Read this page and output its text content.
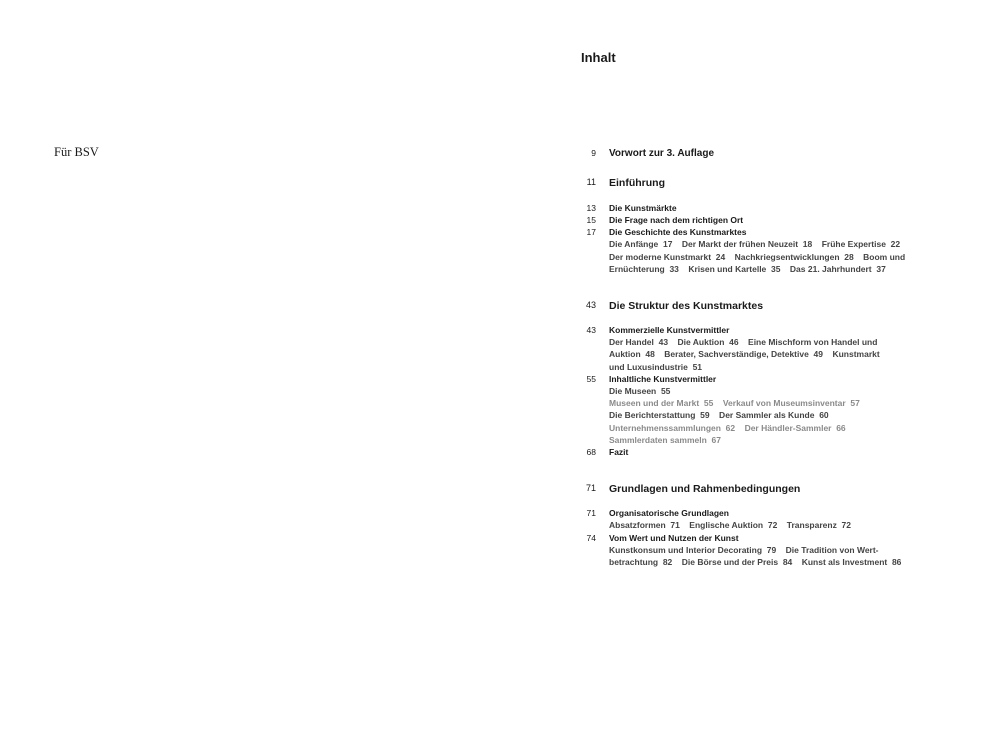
Für BSV
Inhalt
9 Vorwort zur 3. Auflage
11 Einführung
13 Die Kunstmärkte
15 Die Frage nach dem richtigen Ort
17 Die Geschichte des Kunstmarktes
Die Anfänge  17    Der Markt der frühen Neuzeit  18    Frühe Expertise  22
Der moderne Kunstmarkt  24    Nachkriegsentwicklungen  28    Boom und
Ernüchterung  33    Krisen und Kartelle  35    Das 21. Jahrhundert  37
43 Die Struktur des Kunstmarktes
43 Kommerzielle Kunstvermittler
Der Handel  43    Die Auktion  46    Eine Mischform von Handel und
Auktion  48    Berater, Sachverständige, Detektive  49    Kunstmarkt
und Luxusindustrie  51
55 Inhaltliche Kunstvermittler
Die Museen  55
Museen und der Markt  55    Verkauf von Museumsinventar  57
Die Berichterstattung  59    Der Sammler als Kunde  60
Unternehmenssammlungen  62    Der Händler-Sammler  66
Sammlerdaten sammeln  67
68 Fazit
71 Grundlagen und Rahmenbedingungen
71 Organisatorische Grundlagen
Absatzformen  71    Englische Auktion  72    Transparenz  72
74 Vom Wert und Nutzen der Kunst
Kunstkonsum und Interior Decorating  79    Die Tradition von Wert-
betrachtung  82    Die Börse und der Preis  84    Kunst als Investment  86
